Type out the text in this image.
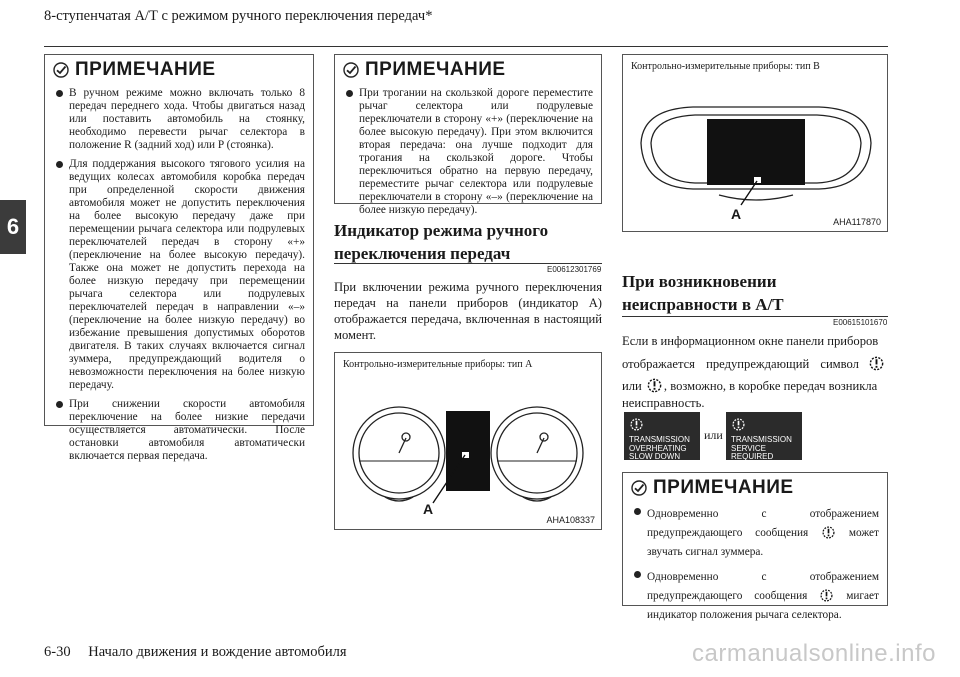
8-ступенчатая А/Т с режимом ручного переключения передач*
6
ПРИМЕЧАНИЕ
В ручном режиме можно включать только 8 передач переднего хода. Чтобы двигаться назад или поставить автомобиль на стоянку, необходимо перевести рычаг селектора в положение R (задний ход) или P (стоянка).
Для поддержания высокого тягового усилия на ведущих колесах автомобиля коробка передач при определенной скорости движения автомобиля может не допустить переключения на более высокую передачу даже при перемещении рычага селектора или подрулевых переключателей передач в сторону «+» (переключение на более высокую передачу). Также она может не допустить перехода на более низкую передачу при перемещении рычага селектора или подрулевых переключателей передач в направлении «–» (переключение на более низкую передачу) во избежание превышения допустимых оборотов двигателя. В таких случаях включается сигнал зуммера, предупреждающий водителя о невозможности переключения на более низкую передачу.
При снижении скорости автомобиля переключение на более низкие передачи осуществляется автоматически. После остановки автомобиля автоматически включается первая передача.
ПРИМЕЧАНИЕ
При трогании на скользкой дороге переместите рычаг селектора или подрулевые переключатели в сторону «+» (переключение на более высокую передачу). При этом включится вторая передача: она лучше подходит для трогания на скользкой дороге. Чтобы переключиться обратно на первую передачу, переместите рычаг селектора или подрулевые переключатели в сторону «–» (переключение на более низкую передачу).
Индикатор режима ручного
переключения передач
E00612301769
При включении режима ручного переключения передач на панели приборов (индикатор А) отображается передача, включенная в настоящий момент.
Контрольно-измерительные приборы: тип А
A
AHA108337
Контрольно-измерительные приборы: тип В
A	AHA117870
При возникновении
неисправности в А/Т
E00615101670
Если в информационном окне панели приборов
отображается предупреждающий символ
или , возможно, в коробке передач возникла
неисправность.
TRANSMISSION
OVERHEATING
SLOW DOWN
или TRANSMISSION
SERVICE REQUIRED
ПРИМЕЧАНИЕ
Одновременно с отображением предупреждающего сообщения	может звучать сигнал зуммера.
Одновременно с отображением предупреждающего сообщения	мигает индикатор положения рычага селектора.
6-30 Начало движения и вождение автомобиля	carmanualsonline.info
